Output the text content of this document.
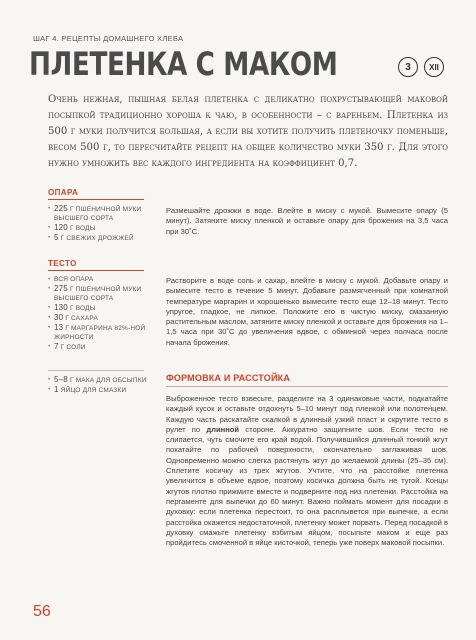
ШАГ 4. РЕЦЕПТЫ ДОМАШНЕГО ХЛЕБА
ПЛЕТЕНКА С МАКОМ	3	XII
Очень нежная, пышная белая плетенка с деликатно похрустывающей маковой посыпкой традиционно хороша к чаю, в особенности – с вареньем. Плетенка из 500 г муки получится большая, а если вы хотите получить плетеночку поменьше, весом 500 г, то пересчитайте рецепт на общее количество муки 350 г. Для этого нужно умножить вес каждого ингредиента на коэффициент 0,7.
ОПАРА
• 225 Г ПШЕНИЧНОЙ МУКИ ВЫСШЕГО СОРТА
• 120 Г ВОДЫ
• 5 Г СВЕЖИХ ДРОЖЖЕЙ
Размешайте дрожжи в воде. Влейте в миску с мукой. Вымесите опару (5 минут). Затяните миску пленкой и оставьте опару для брожения на 3,5 часа при 30˚С.
ТЕСТО
• ВСЯ ОПАРА
• 275 Г ПШЕНИЧНОЙ МУКИ ВЫСШЕГО СОРТА
• 130 Г ВОДЫ
• 30 Г САХАРА
• 13 Г МАРГАРИНА 82%-НОЙ ЖИРНОСТИ
• 7 Г СОЛИ
• 5–8 Г МАКА ДЛЯ ОБСЫПКИ
• 1 ЯЙЦО ДЛЯ СМАЗКИ
Растворите в воде соль и сахар, влейте в миску с мукой. Добавьте опару и вымесите тесто в течение 5 минут. Добавьте размягченный при комнатной температуре маргарин и хорошенько вымесите тесто еще 12–18 минут. Тесто упругое, гладкое, не липкое. Положите его в чистую миску, смазанную растительным маслом, затяните миску пленкой и оставьте для брожения на 1–1,5 часа при 30˚С до увеличения вдвое, с обминкой через полчаса после начала брожения.
ФОРМОВКА И РАССТОЙКА
Выброженное тесто взвесьте, разделите на 3 одинаковые части, подкатайте каждый кусок и оставьте отдохнуть 5–10 минут под пленкой или полотенцем. Каждую часть раскатайте скалкой в длинный узкий пласт и скрутите тесто в рулет по длинной стороне. Аккуратно защипните шов. Если тесто не слипается, чуть смочите его край водой. Получившийся длинный тонкий жгут покатайте по рабочей поверхности, окончательно заглаживая шов. Одновременно можно слегка растянуть жгут до желаемой длины (25–35 см). Сплетите косичку из трех жгутов. Учтите, что на расстойке плетенка увеличится в объеме вдвое, поэтому косичка должна быть не тугой. Концы жгутов плотно прижмите вместе и подверните под низ плетенки. Расстойка на пергаменте для выпечки до 60 минут. Важно поймать момент для посадки в духовку: если плетенка перестоит, то она расплывется при выпечке, а если расстойка окажется недостаточной, плетенку может порвать. Перед посадкой в духовку смажьте плетенку взбитым яйцом, посыпьте маком и еще раз пройдитесь смоченной в яйце кисточкой, теперь уже поверх маковой посыпки.
56
